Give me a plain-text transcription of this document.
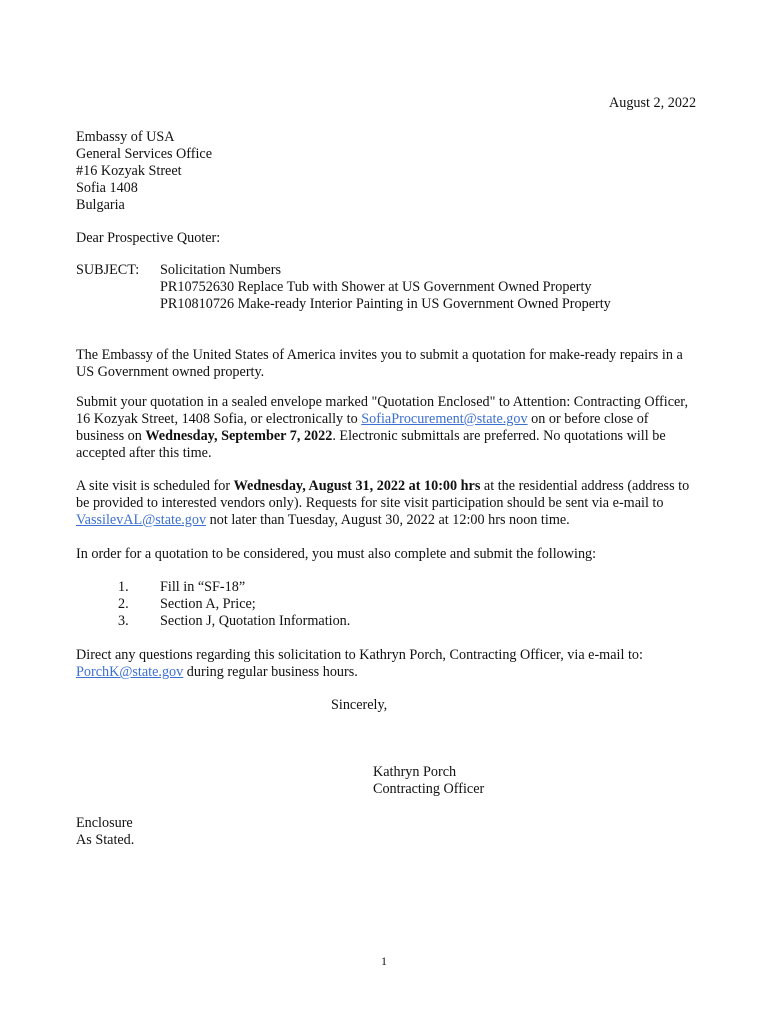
August 2, 2022
Embassy of USA
General Services Office
#16 Kozyak Street
Sofia 1408
Bulgaria
Dear Prospective Quoter:
SUBJECT: Solicitation Numbers
PR10752630 Replace Tub with Shower at US Government Owned Property
PR10810726 Make-ready Interior Painting in US Government Owned Property
The Embassy of the United States of America invites you to submit a quotation for make-ready repairs in a
US Government owned property.
Submit your quotation in a sealed envelope marked "Quotation Enclosed" to Attention: Contracting Officer,
16 Kozyak Street, 1408 Sofia, or electronically to SofiaProcurement@state.gov on or before close of
business on Wednesday, September 7, 2022. Electronic submittals are preferred. No quotations will be
accepted after this time.
A site visit is scheduled for Wednesday, August 31, 2022 at 10:00 hrs at the residential address (address to
be provided to interested vendors only). Requests for site visit participation should be sent via e-mail to
VassilevAL@state.gov not later than Tuesday, August 30, 2022 at 12:00 hrs noon time.
In order for a quotation to be considered, you must also complete and submit the following:
1. Fill in “SF-18”
2. Section A, Price;
3. Section J, Quotation Information.
Direct any questions regarding this solicitation to Kathryn Porch, Contracting Officer, via e-mail to:
PorchK@state.gov during regular business hours.
Sincerely,
Kathryn Porch
Contracting Officer
Enclosure
As Stated.
1
